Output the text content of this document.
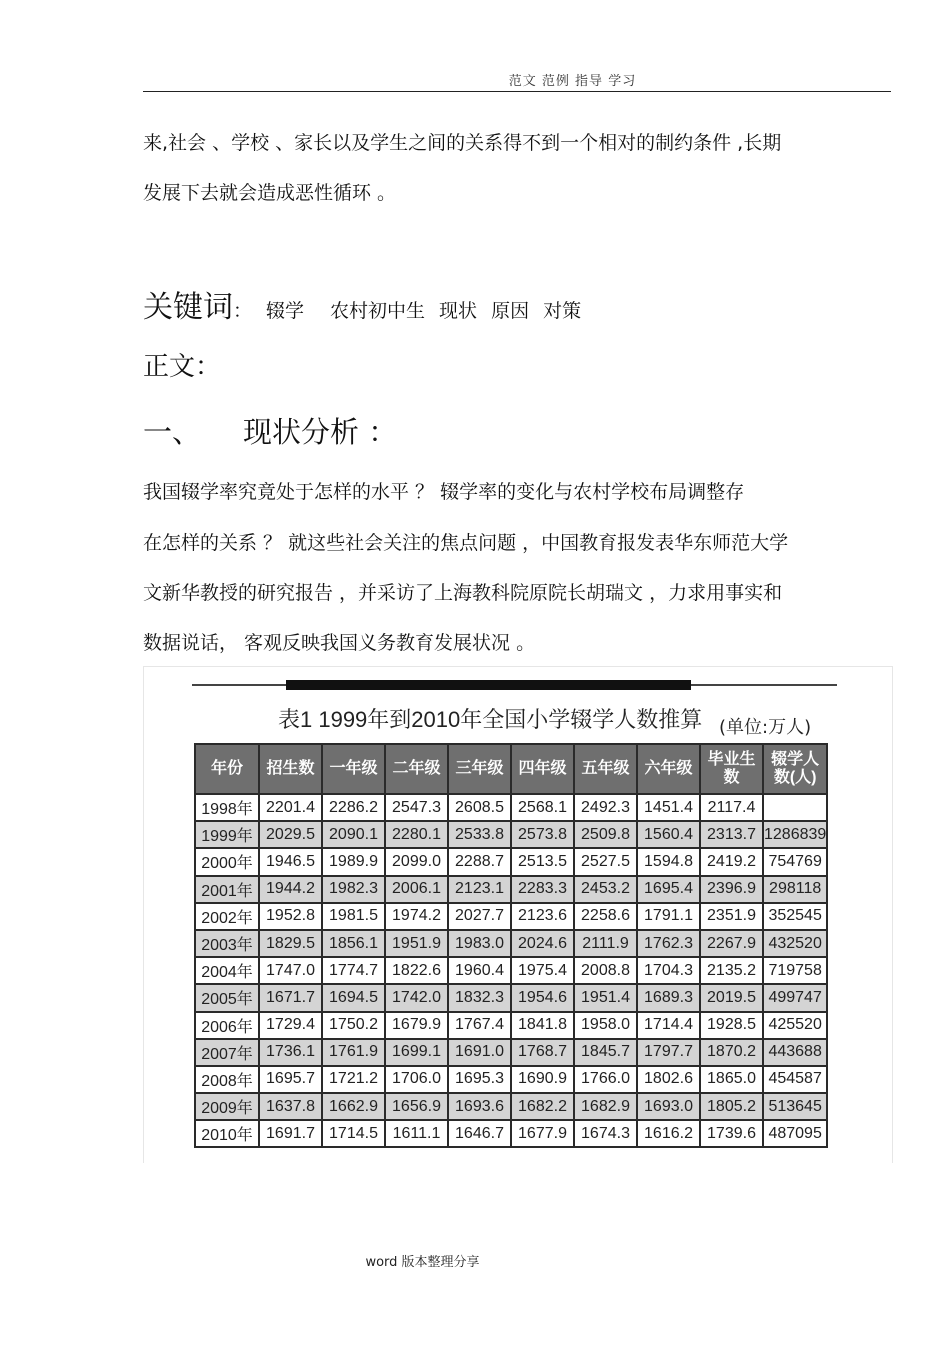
范文 范例 指导 学习
来,社会 、学校 、家长以及学生之间的关系得不到一个相对的制约条件 ,长期
发展下去就会造成恶性循环 。
关键词： 辍学 农村初中生 现状 原因 对策
正文：
一、 现状分析 ：
我国辍学率究竟处于怎样的水平 ？ 辍学率的变化与农村学校布局调整存
在怎样的关系 ？ 就这些社会关注的焦点问题 ，中国教育报发表华东师范大学
文新华教授的研究报告 ，并采访了上海教科院原院长胡瑞文 ，力求用事实和
数据说话， 客观反映我国义务教育发展状况 。
表1 1999年到2010年全国小学辍学人数推算 (单位:万人)
年份	招生数	一年级	二年级	三年级	四年级	五年级	六年级	毕业生数	辍学人数(人)
1998年	2201.4	2286.2	2547.3	2608.5	2568.1	2492.3	1451.4	2117.4	
1999年	2029.5	2090.1	2280.1	2533.8	2573.8	2509.8	1560.4	2313.7	1286839
2000年	1946.5	1989.9	2099.0	2288.7	2513.5	2527.5	1594.8	2419.2	754769
2001年	1944.2	1982.3	2006.1	2123.1	2283.3	2453.2	1695.4	2396.9	298118
2002年	1952.8	1981.5	1974.2	2027.7	2123.6	2258.6	1791.1	2351.9	352545
2003年	1829.5	1856.1	1951.9	1983.0	2024.6	2111.9	1762.3	2267.9	432520
2004年	1747.0	1774.7	1822.6	1960.4	1975.4	2008.8	1704.3	2135.2	719758
2005年	1671.7	1694.5	1742.0	1832.3	1954.6	1951.4	1689.3	2019.5	499747
2006年	1729.4	1750.2	1679.9	1767.4	1841.8	1958.0	1714.4	1928.5	425520
2007年	1736.1	1761.9	1699.1	1691.0	1768.7	1845.7	1797.7	1870.2	443688
2008年	1695.7	1721.2	1706.0	1695.3	1690.9	1766.0	1802.6	1865.0	454587
2009年	1637.8	1662.9	1656.9	1693.6	1682.2	1682.9	1693.0	1805.2	513645
2010年	1691.7	1714.5	1611.1	1646.7	1677.9	1674.3	1616.2	1739.6	487095
word 版本整理分享
